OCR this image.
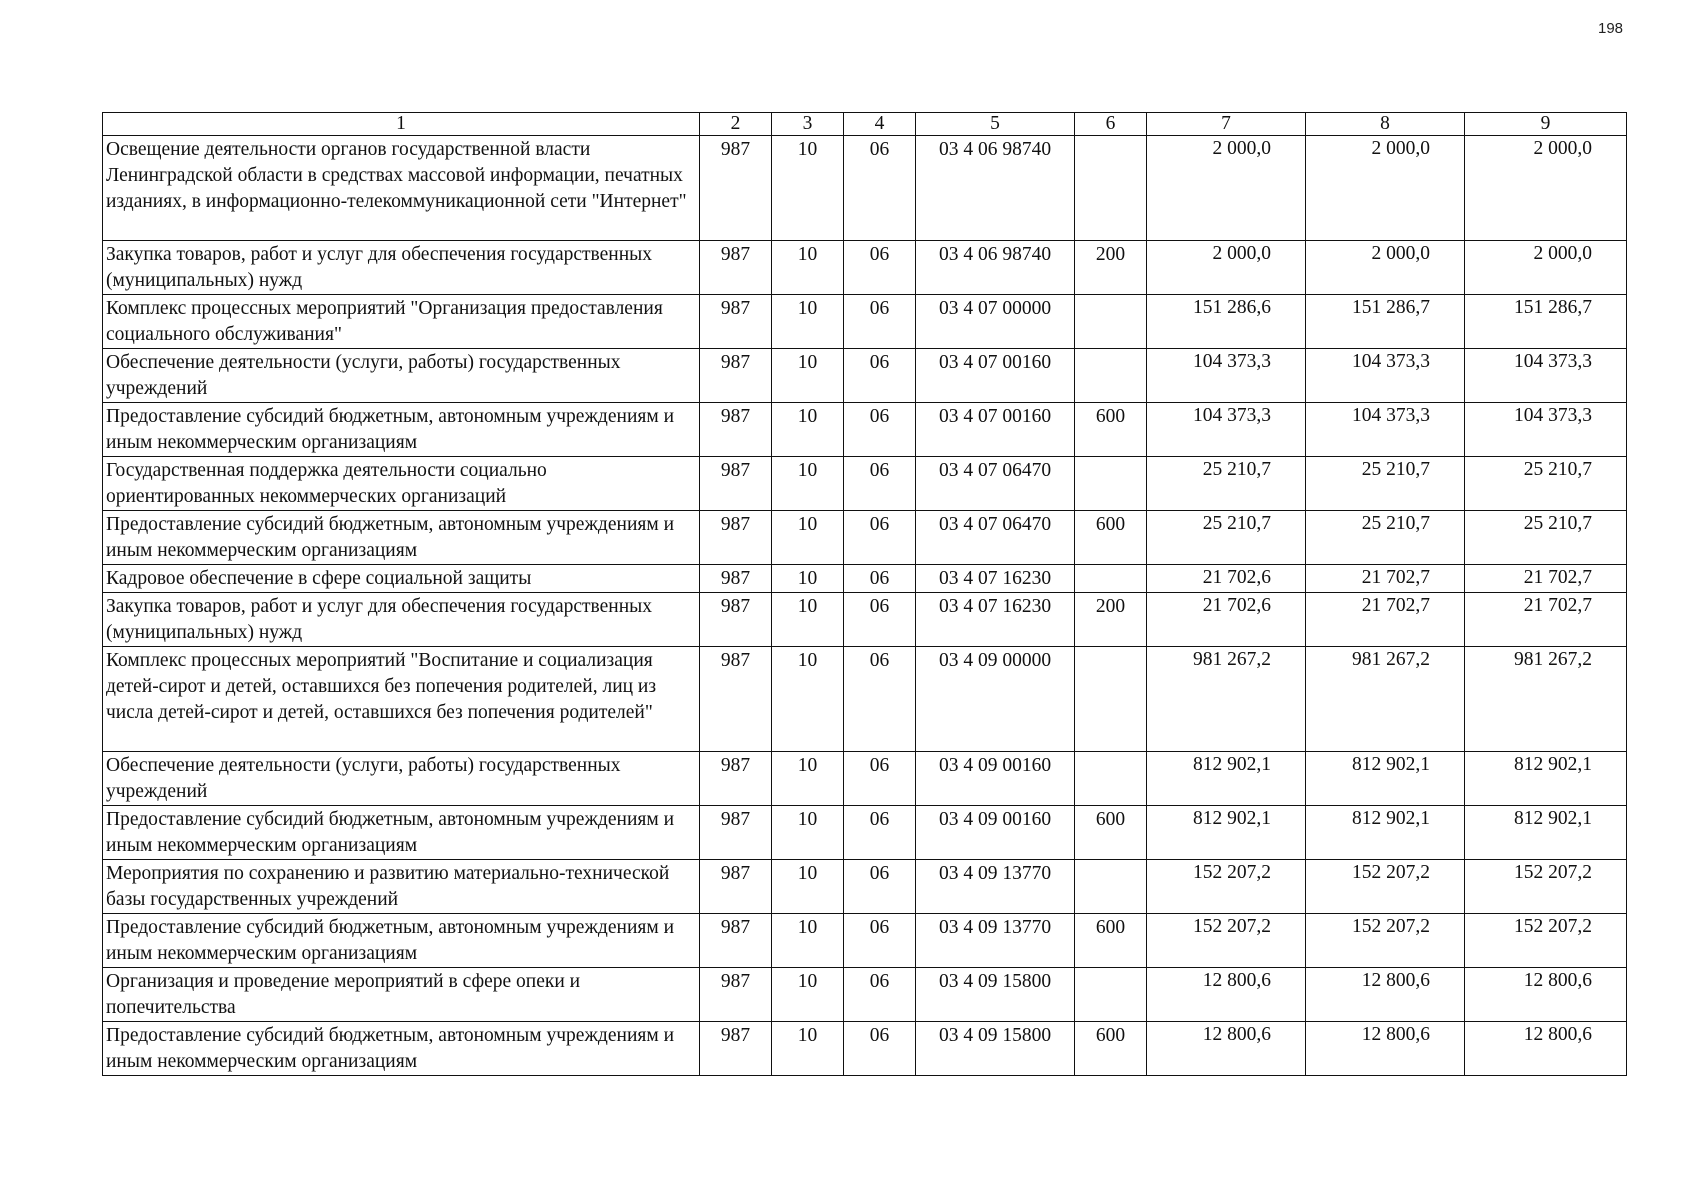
198
1	2	3	4	5	6	7	8	9
Освещение деятельности органов государственной власти Ленинградской области в средствах массовой информации, печатных изданиях, в информационно-телекоммуникационной сети "Интернет"	987	10	06	03 4 06 98740		2 000,0	2 000,0	2 000,0
Закупка товаров, работ и услуг для обеспечения государственных (муниципальных) нужд	987	10	06	03 4 06 98740	200	2 000,0	2 000,0	2 000,0
Комплекс процессных мероприятий "Организация предоставления социального обслуживания"	987	10	06	03 4 07 00000		151 286,6	151 286,7	151 286,7
Обеспечение деятельности (услуги, работы) государственных учреждений	987	10	06	03 4 07 00160		104 373,3	104 373,3	104 373,3
Предоставление субсидий бюджетным, автономным учреждениям и иным некоммерческим организациям	987	10	06	03 4 07 00160	600	104 373,3	104 373,3	104 373,3
Государственная поддержка деятельности социально ориентированных некоммерческих организаций	987	10	06	03 4 07 06470		25 210,7	25 210,7	25 210,7
Предоставление субсидий бюджетным, автономным учреждениям и иным некоммерческим организациям	987	10	06	03 4 07 06470	600	25 210,7	25 210,7	25 210,7
Кадровое обеспечение в сфере социальной защиты	987	10	06	03 4 07 16230		21 702,6	21 702,7	21 702,7
Закупка товаров, работ и услуг для обеспечения государственных (муниципальных) нужд	987	10	06	03 4 07 16230	200	21 702,6	21 702,7	21 702,7
Комплекс процессных мероприятий "Воспитание и социализация детей-сирот и детей, оставшихся без попечения родителей, лиц из числа детей-сирот и детей, оставшихся без попечения родителей"	987	10	06	03 4 09 00000		981 267,2	981 267,2	981 267,2
Обеспечение деятельности (услуги, работы) государственных учреждений	987	10	06	03 4 09 00160		812 902,1	812 902,1	812 902,1
Предоставление субсидий бюджетным, автономным учреждениям и иным некоммерческим организациям	987	10	06	03 4 09 00160	600	812 902,1	812 902,1	812 902,1
Мероприятия по сохранению и развитию материально-технической базы государственных учреждений	987	10	06	03 4 09 13770		152 207,2	152 207,2	152 207,2
Предоставление субсидий бюджетным, автономным учреждениям и иным некоммерческим организациям	987	10	06	03 4 09 13770	600	152 207,2	152 207,2	152 207,2
Организация и проведение мероприятий в сфере опеки и попечительства	987	10	06	03 4 09 15800		12 800,6	12 800,6	12 800,6
Предоставление субсидий бюджетным, автономным учреждениям и иным некоммерческим организациям	987	10	06	03 4 09 15800	600	12 800,6	12 800,6	12 800,6
